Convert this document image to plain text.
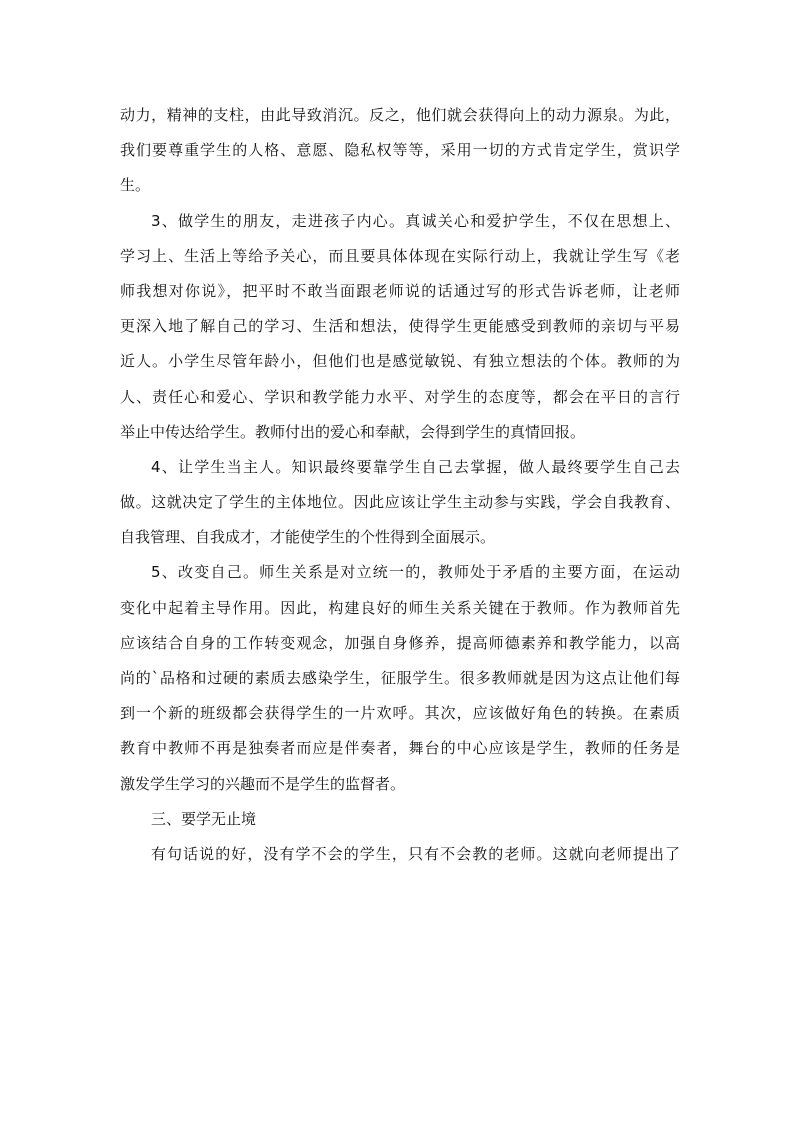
动力，精神的支柱，由此导致消沉。反之，他们就会获得向上的动力源泉。为此，
我们要尊重学生的人格、意愿、隐私权等等，采用一切的方式肯定学生，赏识学
生。
3、做学生的朋友，走进孩子内心。真诚关心和爱护学生，不仅在思想上、
学习上、生活上等给予关心，而且要具体体现在实际行动上，我就让学生写《老
师我想对你说》，把平时不敢当面跟老师说的话通过写的形式告诉老师，让老师
更深入地了解自己的学习、生活和想法，使得学生更能感受到教师的亲切与平易
近人。小学生尽管年龄小，但他们也是感觉敏锐、有独立想法的个体。教师的为
人、责任心和爱心、学识和教学能力水平、对学生的态度等，都会在平日的言行
举止中传达给学生。教师付出的爱心和奉献，会得到学生的真情回报。
4、让学生当主人。知识最终要靠学生自己去掌握，做人最终要学生自己去
做。这就决定了学生的主体地位。因此应该让学生主动参与实践，学会自我教育、
自我管理、自我成才，才能使学生的个性得到全面展示。
5、改变自己。师生关系是对立统一的，教师处于矛盾的主要方面，在运动
变化中起着主导作用。因此，构建良好的师生关系关键在于教师。作为教师首先
应该结合自身的工作转变观念，加强自身修养，提高师德素养和教学能力，以高
尚的`品格和过硬的素质去感染学生，征服学生。很多教师就是因为这点让他们每
到一个新的班级都会获得学生的一片欢呼。其次，应该做好角色的转换。在素质
教育中教师不再是独奏者而应是伴奏者，舞台的中心应该是学生，教师的任务是
激发学生学习的兴趣而不是学生的监督者。
三、要学无止境
有句话说的好，没有学不会的学生，只有不会教的老师。这就向老师提出了
